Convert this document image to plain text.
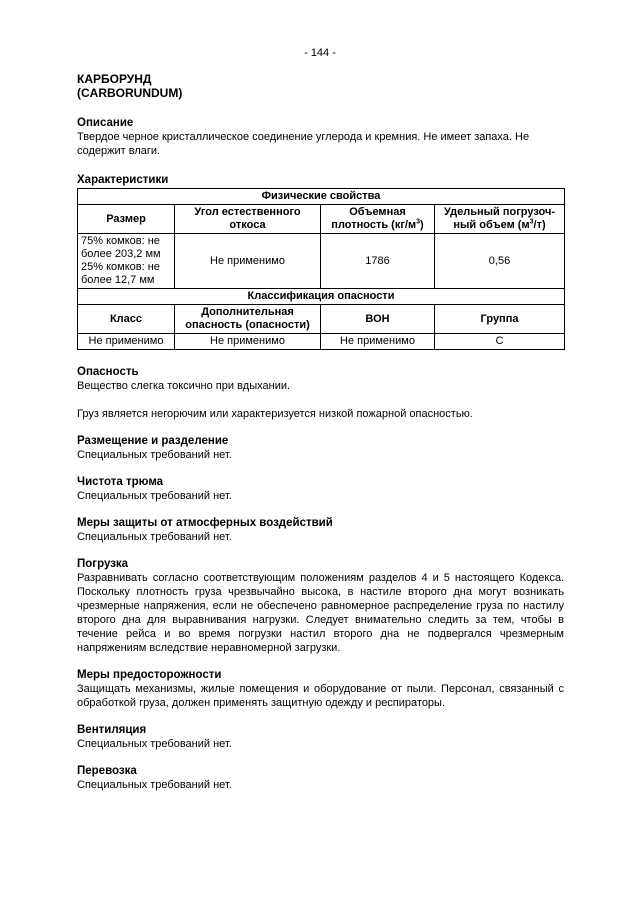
- 144 -
КАРБОРУНД
(CARBORUNDUM)
Описание

Твердое черное кристаллическое соединение углерода и кремния. Не имеет запаха. Не содержит влаги.

Характеристики
Физические свойства			
Размер	Угол естественного откоса	Объемная плотность $(кг/м^3)$	Удельный погрузоч-ный объем $(м^3/т)$
75% комков: не более 203,2 мм 25% комков: не более 12,7 мм	Не применимо	1786	0,56
Классификация опасности			
Класс	Дополнительная опасность (опасности)	ВОН	Группа
Не применимо	Не применимо	Не применимо	С
Опасность

Вещество слегка токсично при вдыхании.

Груз является негорючим или характеризуется низкой пожарной опасностью.

Размещение и разделение

Специальных требований нет.

Чистота трюма

Специальных требований нет.

Меры защиты от атмосферных воздействий

Специальных требований нет.

Погрузка

Разравнивать согласно соответствующим положениям разделов 4 и 5 настоящего Кодекса. Поскольку плотность груза чрезвычайно высока, в настиле второго дна могут возникать чрезмерные напряжения, если не обеспечено равномерное распределение груза по настилу второго дна для выравнивания нагрузки. Следует внимательно следить за тем, чтобы в течение рейса и во время погрузки настил второго дна не подвергался чрезмерным напряжениям вследствие неравномерной загрузки.

Меры предосторожности

Защищать механизмы, жилые помещения и оборудование от пыли. Персонал, связанный с обработкой груза, должен применять защитную одежду и респираторы.

Вентиляция

Специальных требований нет.

Перевозка

Специальных требований нет.
